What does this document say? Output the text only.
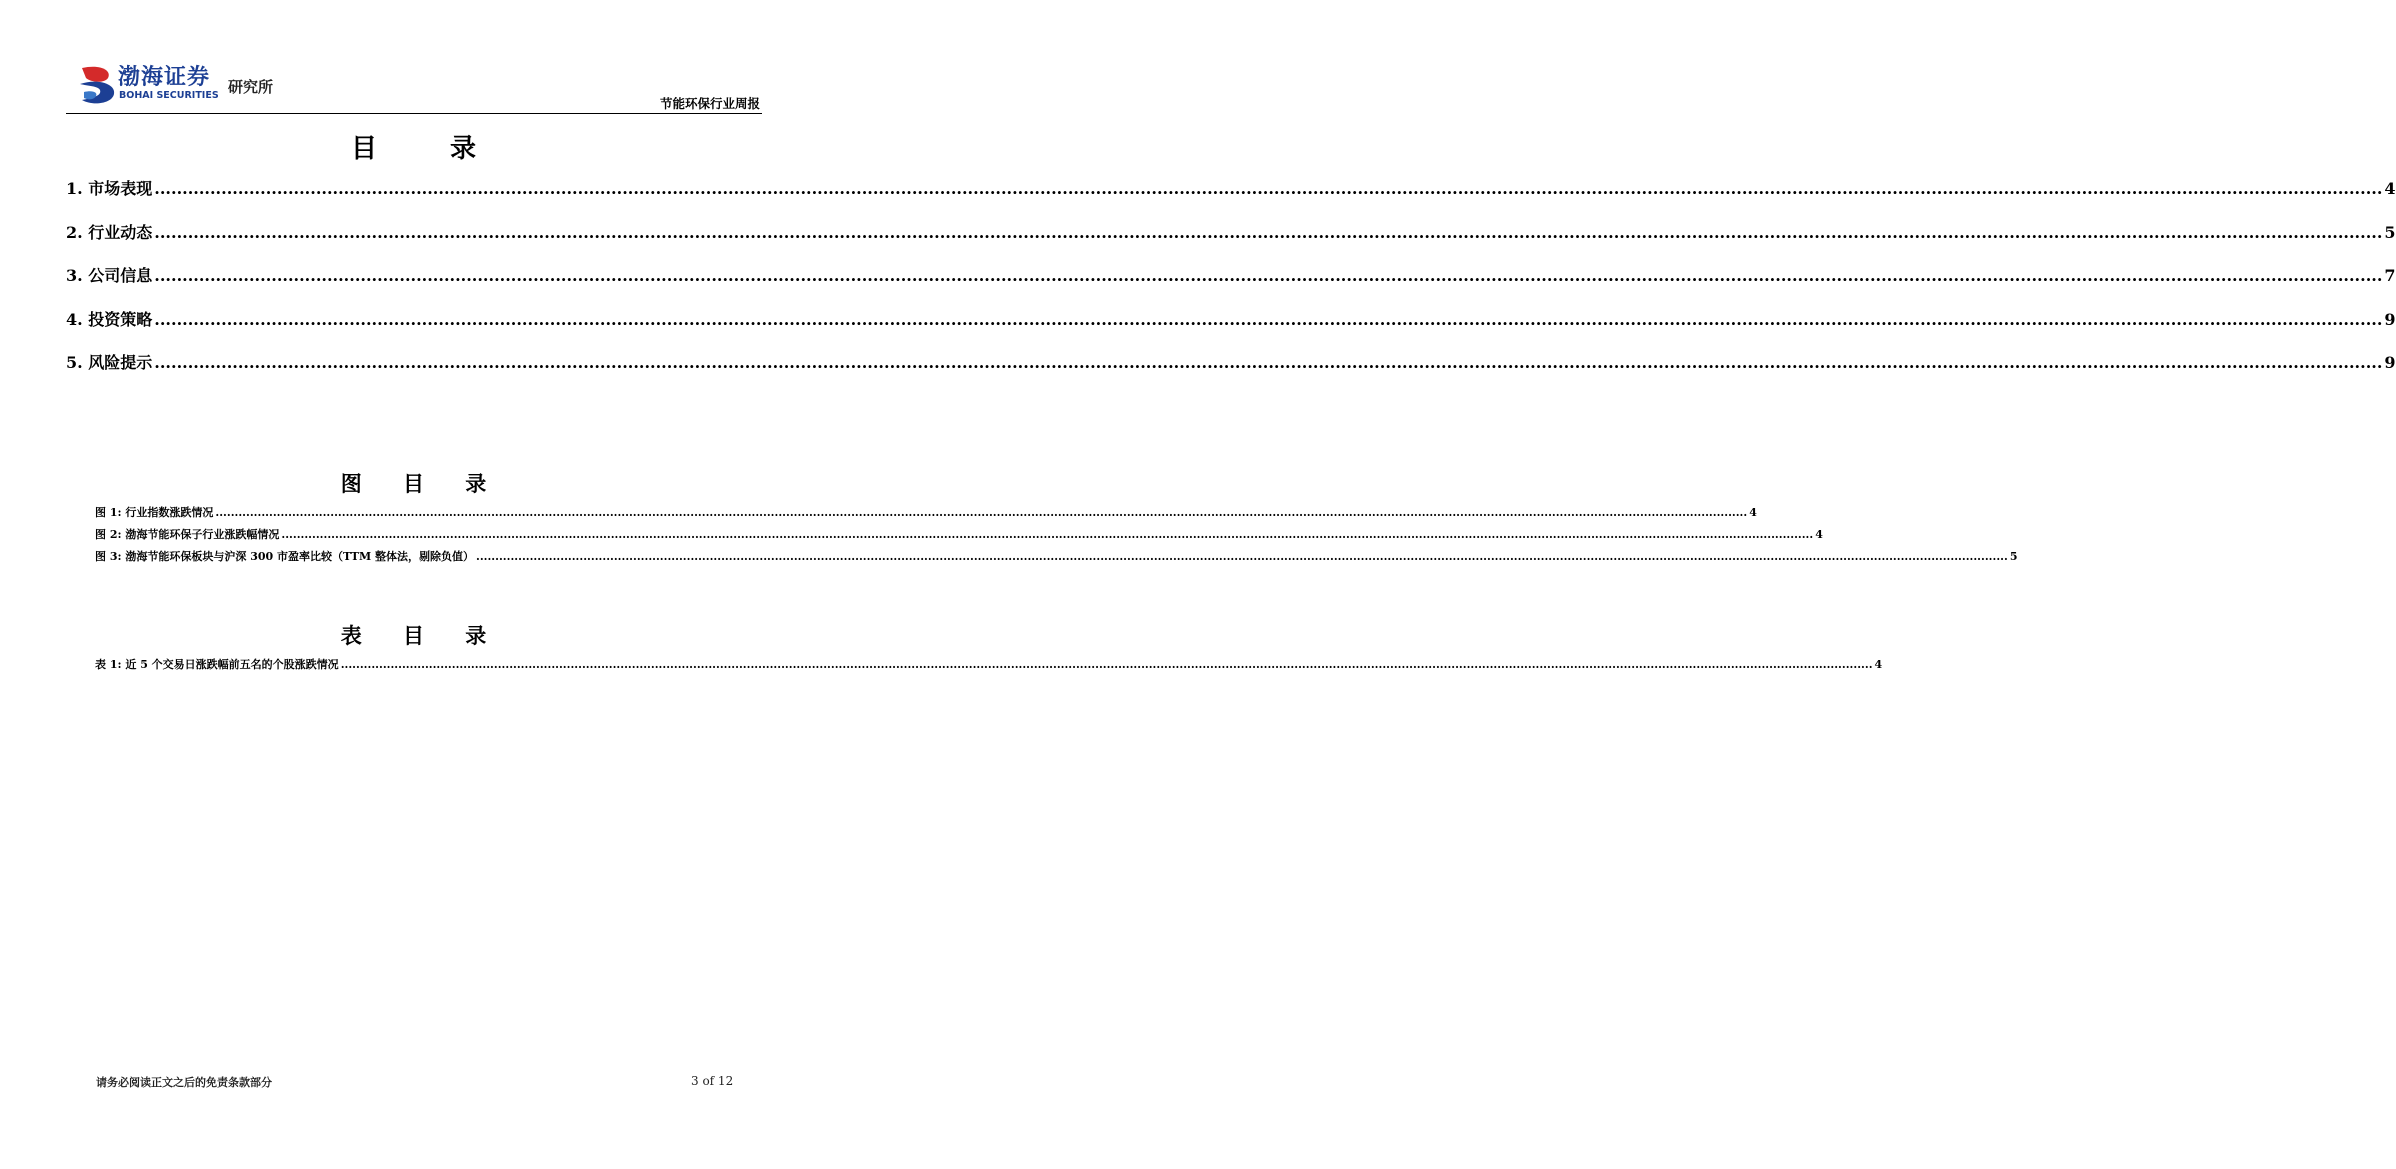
渤海证券
BOHAI SECURITIES 研究所
节能环保行业周报
目 录
1. 市场表现 ................................................................................................................................................................................................................................................................................................................................................................................................................ 4
2. 行业动态 ................................................................................................................................................................................................................................................................................................................................................................................................................ 5
3. 公司信息 ................................................................................................................................................................................................................................................................................................................................................................................................................ 7
4. 投资策略 ................................................................................................................................................................................................................................................................................................................................................................................................................ 9
5. 风险提示 ................................................................................................................................................................................................................................................................................................................................................................................................................ 9
图 目 录
图 1: 行业指数涨跌情况 ................................................................................................................................................................................................................................................................................................................................................................................................................ 4
图 2: 渤海节能环保子行业涨跌幅情况 ................................................................................................................................................................................................................................................................................................................................................................................................................ 4
图 3: 渤海节能环保板块与沪深 300 市盈率比较（TTM 整体法，剔除负值） ................................................................................................................................................................................................................................................................................................................................................................................................................ 5
表 目 录
表 1: 近 5 个交易日涨跌幅前五名的个股涨跌情况 ................................................................................................................................................................................................................................................................................................................................................................................................................ 4
请务必阅读正文之后的免责条款部分	3 of 12
